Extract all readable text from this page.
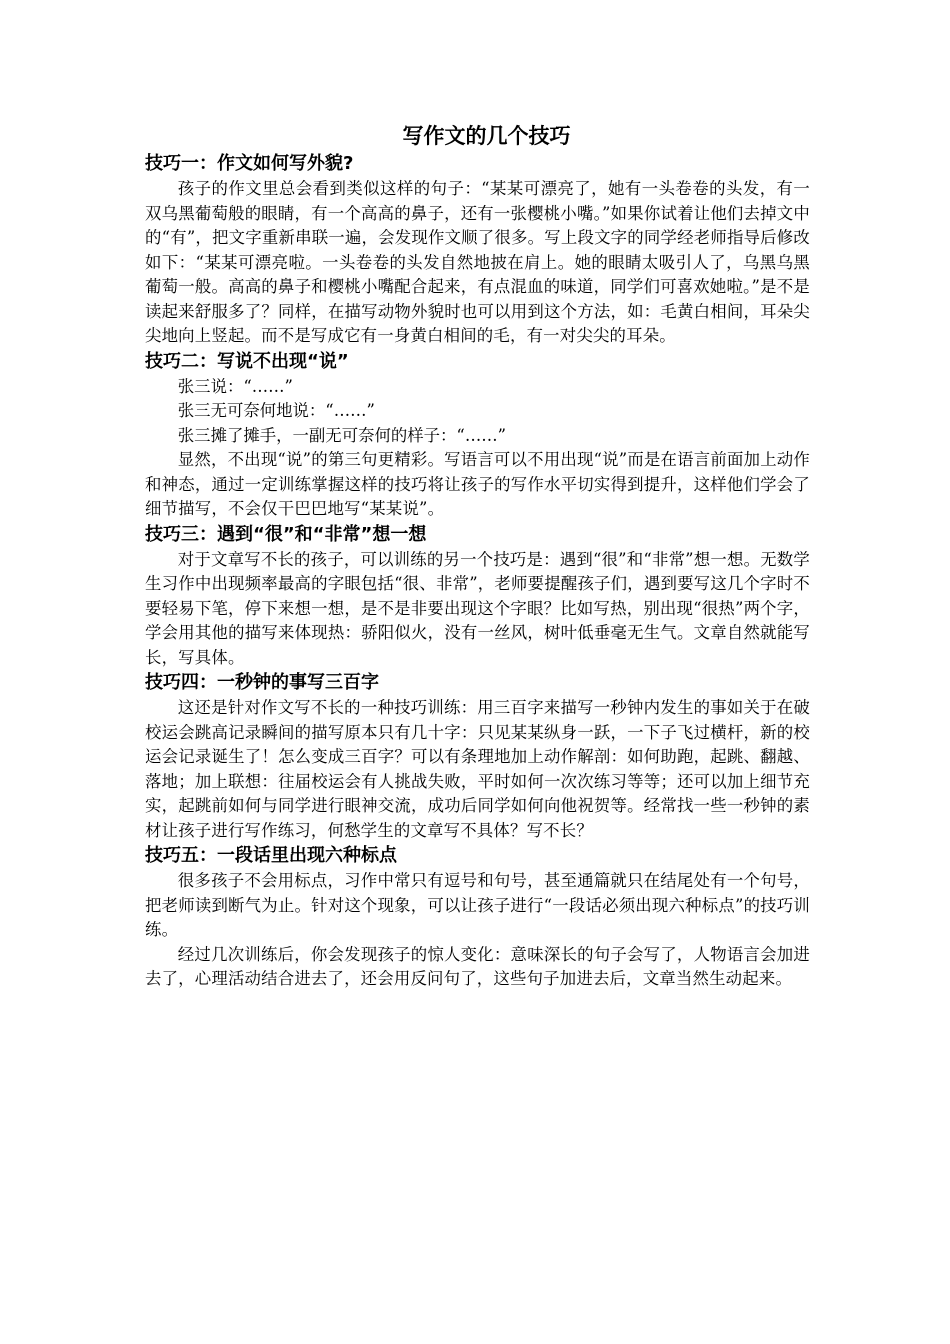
写作文的几个技巧
技巧一：作文如何写外貌?

孩子的作文里总会看到类似这样的句子：“某某可漂亮了，她有一头卷卷的头发，有一双乌黑葡萄般的眼睛，有一个高高的鼻子，还有一张樱桃小嘴。”如果你试着让他们去掉文中的“有”，把文字重新串联一遍，会发现作文顺了很多。写上段文字的同学经老师指导后修改如下：“某某可漂亮啦。一头卷卷的头发自然地披在肩上。她的眼睛太吸引人了，乌黑乌黑葡萄一般。高高的鼻子和樱桃小嘴配合起来，有点混血的味道，同学们可喜欢她啦。”是不是读起来舒服多了？同样，在描写动物外貌时也可以用到这个方法，如：毛黄白相间，耳朵尖尖地向上竖起。而不是写成它有一身黄白相间的毛，有一对尖尖的耳朵。

技巧二：写说不出现“说”

张三说：“……”

张三无可奈何地说：“……”

张三摊了摊手，一副无可奈何的样子：“……”

显然，不出现“说”的第三句更精彩。写语言可以不用出现“说”而是在语言前面加上动作和神态，通过一定训练掌握这样的技巧将让孩子的写作水平切实得到提升，这样他们学会了细节描写，不会仅干巴巴地写“某某说”。

技巧三：遇到“很”和“非常”想一想

对于文章写不长的孩子，可以训练的另一个技巧是：遇到“很”和“非常”想一想。无数学生习作中出现频率最高的字眼包括“很、非常”，老师要提醒孩子们，遇到要写这几个字时不要轻易下笔，停下来想一想，是不是非要出现这个字眼？比如写热，别出现“很热”两个字，学会用其他的描写来体现热：骄阳似火，没有一丝风，树叶低垂毫无生气。文章自然就能写长，写具体。

技巧四：一秒钟的事写三百字

这还是针对作文写不长的一种技巧训练：用三百字来描写一秒钟内发生的事如关于在破校运会跳高记录瞬间的描写原本只有几十字：只见某某纵身一跃，一下子飞过横杆，新的校运会记录诞生了！怎么变成三百字？可以有条理地加上动作解剖：如何助跑，起跳、翻越、落地；加上联想：往届校运会有人挑战失败，平时如何一次次练习等等；还可以加上细节充实，起跳前如何与同学进行眼神交流，成功后同学如何向他祝贺等。经常找一些一秒钟的素材让孩子进行写作练习，何愁学生的文章写不具体？写不长？

技巧五：一段话里出现六种标点

很多孩子不会用标点，习作中常只有逗号和句号，甚至通篇就只在结尾处有一个句号，把老师读到断气为止。针对这个现象，可以让孩子进行“一段话必须出现六种标点”的技巧训练。

经过几次训练后，你会发现孩子的惊人变化：意味深长的句子会写了，人物语言会加进去了，心理活动结合进去了，还会用反问句了，这些句子加进去后，文章当然生动起来。
